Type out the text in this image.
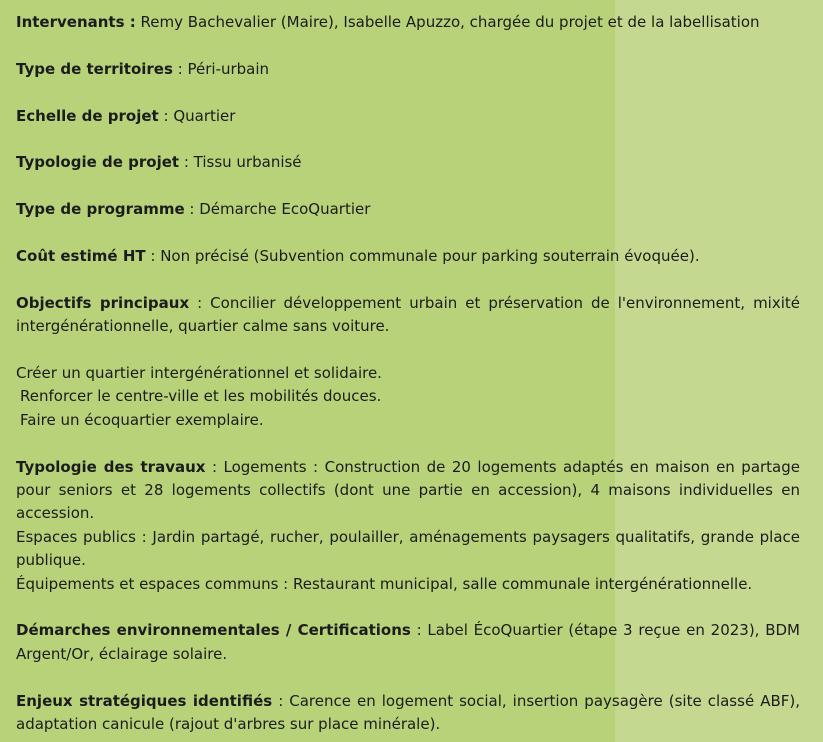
Intervenants : Remy Bachevalier (Maire), Isabelle Apuzzo, chargée du projet et de la labellisation

Type de territoires : Péri-urbain

Echelle de projet : Quartier

Typologie de projet : Tissu urbanisé

Type de programme : Démarche EcoQuartier

Coût estimé HT : Non précisé (Subvention communale pour parking souterrain évoquée).

Objectifs principaux : Concilier développement urbain et préservation de l'environnement, mixité intergénérationnelle, quartier calme sans voiture.

Créer un quartier intergénérationnel et solidaire.
Renforcer le centre-ville et les mobilités douces.
Faire un écoquartier exemplaire.

Typologie des travaux : Logements : Construction de 20 logements adaptés en maison en partage pour seniors et 28 logements collectifs (dont une partie en accession), 4 maisons individuelles en accession.

Espaces publics : Jardin partagé, rucher, poulailler, aménagements paysagers qualitatifs, grande place publique.

Équipements et espaces communs : Restaurant municipal, salle communale intergénérationnelle.

Démarches environnementales / Certifications : Label ÉcoQuartier (étape 3 reçue en 2023), BDM Argent/Or, éclairage solaire.

Enjeux stratégiques identifiés : Carence en logement social, insertion paysagère (site classé ABF), adaptation canicule (rajout d'arbres sur place minérale).
